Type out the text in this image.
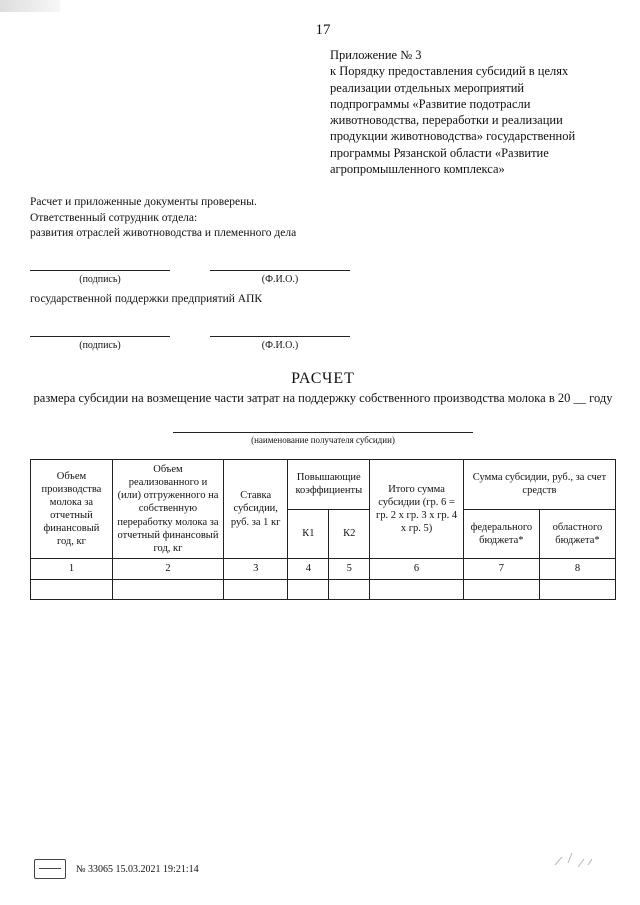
17
Приложение № 3
к Порядку предоставления субсидий в целях
реализации отдельных мероприятий
подпрограммы «Развитие подотрасли
животноводства, переработки и реализации
продукции животноводства» государственной
программы Рязанской области «Развитие
агропромышленного комплекса»
Расчет и приложенные документы проверены.
Ответственный сотрудник отдела:
развития отраслей животноводства и племенного дела
(подпись)	(Ф.И.О.)
государственной поддержки предприятий АПК
(подпись)	(Ф.И.О.)
РАСЧЕТ
размера субсидии на возмещение части затрат на поддержку собственного производства молока в 20 __ году
(наименование получателя субсидии)
Объем производства молока за отчетный финансовый год, кг	Объем реализованного и (или) отгруженного на собственную переработку молока за отчетный финансовый год, кг	Ставка субсидии, руб. за 1 кг	Повышающие коэффициенты		Итого сумма субсидии (гр. 6 = гр. 2 х гр. 3 х гр. 4 х гр. 5)	Сумма субсидии, руб., за счет средств	
			К1	К2		федерального бюджета*	областного бюджета*
1	2	3	4	5	6	7	8

№ 33065 15.03.2021 19:21:14
